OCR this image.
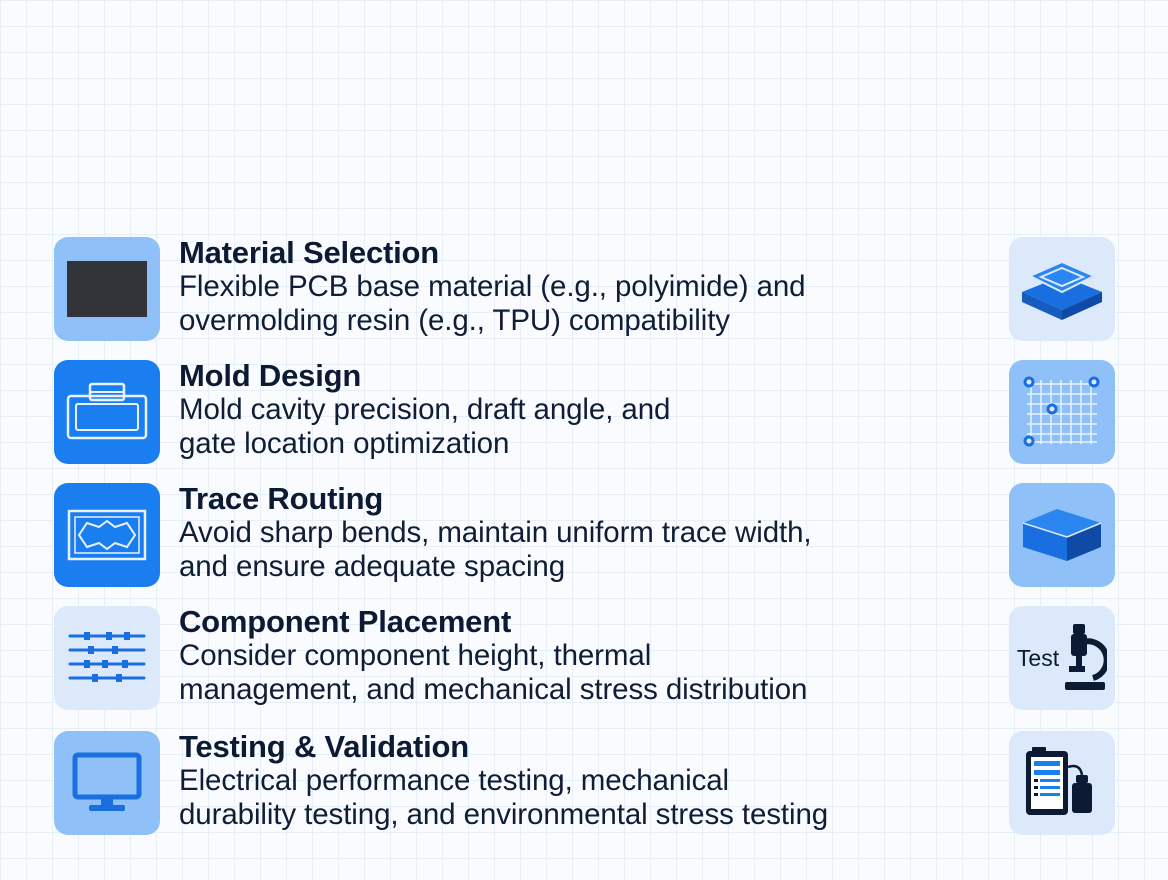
Material Selection
Flexible PCB base material (e.g., polyimide) and
overmolding resin (e.g., TPU) compatibility
Mold Design
Mold cavity precision, draft angle, and
gate location optimization
Trace Routing
Avoid sharp bends, maintain uniform trace width,
and ensure adequate spacing
Component Placement
Consider component height, thermal
management, and mechanical stress distribution
Test
Testing & Validation
Electrical performance testing, mechanical
durability testing, and environmental stress testing
